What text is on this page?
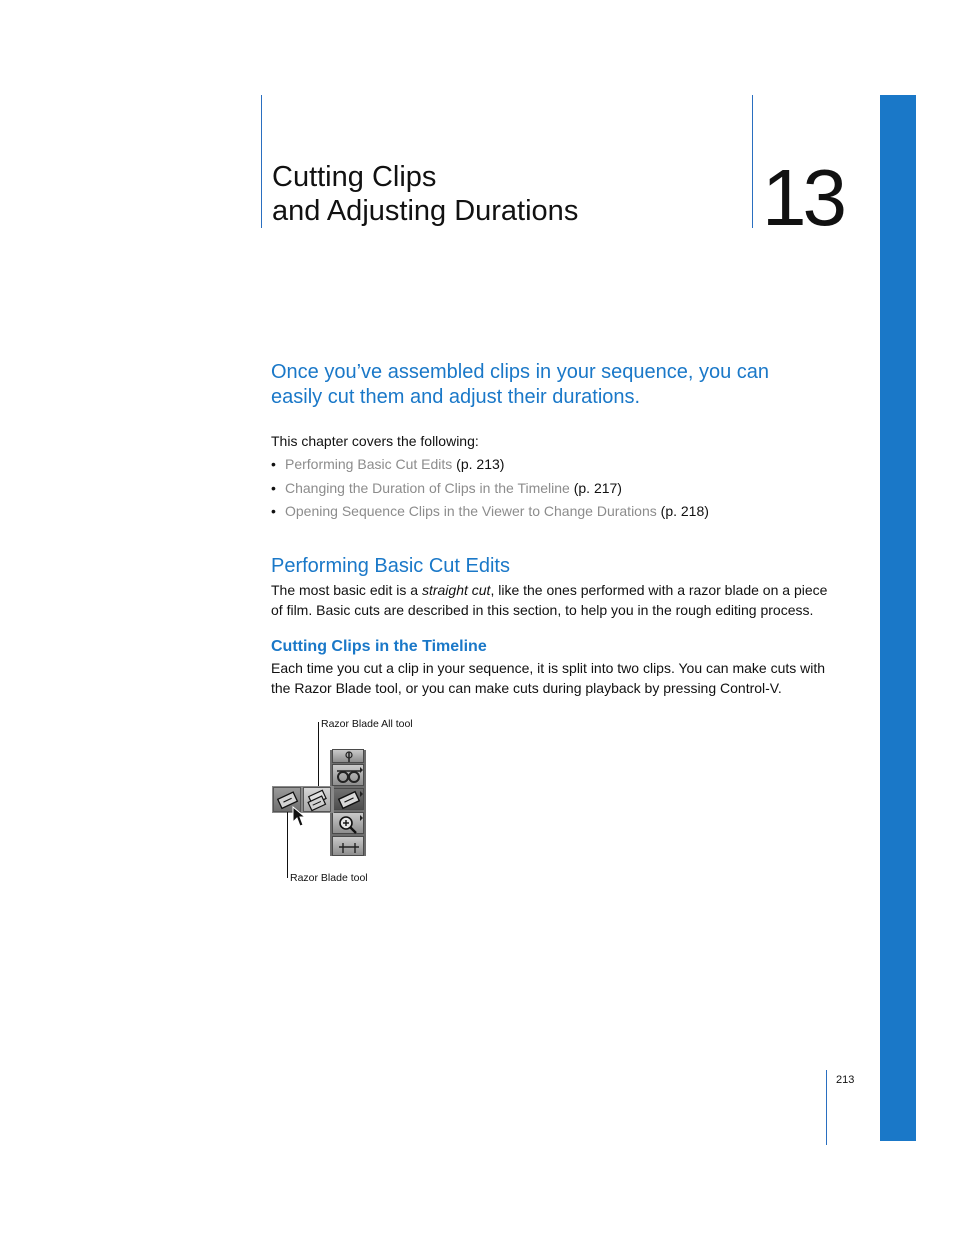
Cutting Clips
and Adjusting Durations	13
Once you’ve assembled clips in your sequence, you can easily cut them and adjust their durations.
This chapter covers the following:
• Performing Basic Cut Edits (p. 213)
• Changing the Duration of Clips in the Timeline (p. 217)
• Opening Sequence Clips in the Viewer to Change Durations (p. 218)
Performing Basic Cut Edits
The most basic edit is a straight cut, like the ones performed with a razor blade on a piece of film. Basic cuts are described in this section, to help you in the rough editing process.
Cutting Clips in the Timeline
Each time you cut a clip in your sequence, it is split into two clips. You can make cuts with the Razor Blade tool, or you can make cuts during playback by pressing Control-V.
Razor Blade All tool
Razor Blade tool
213
